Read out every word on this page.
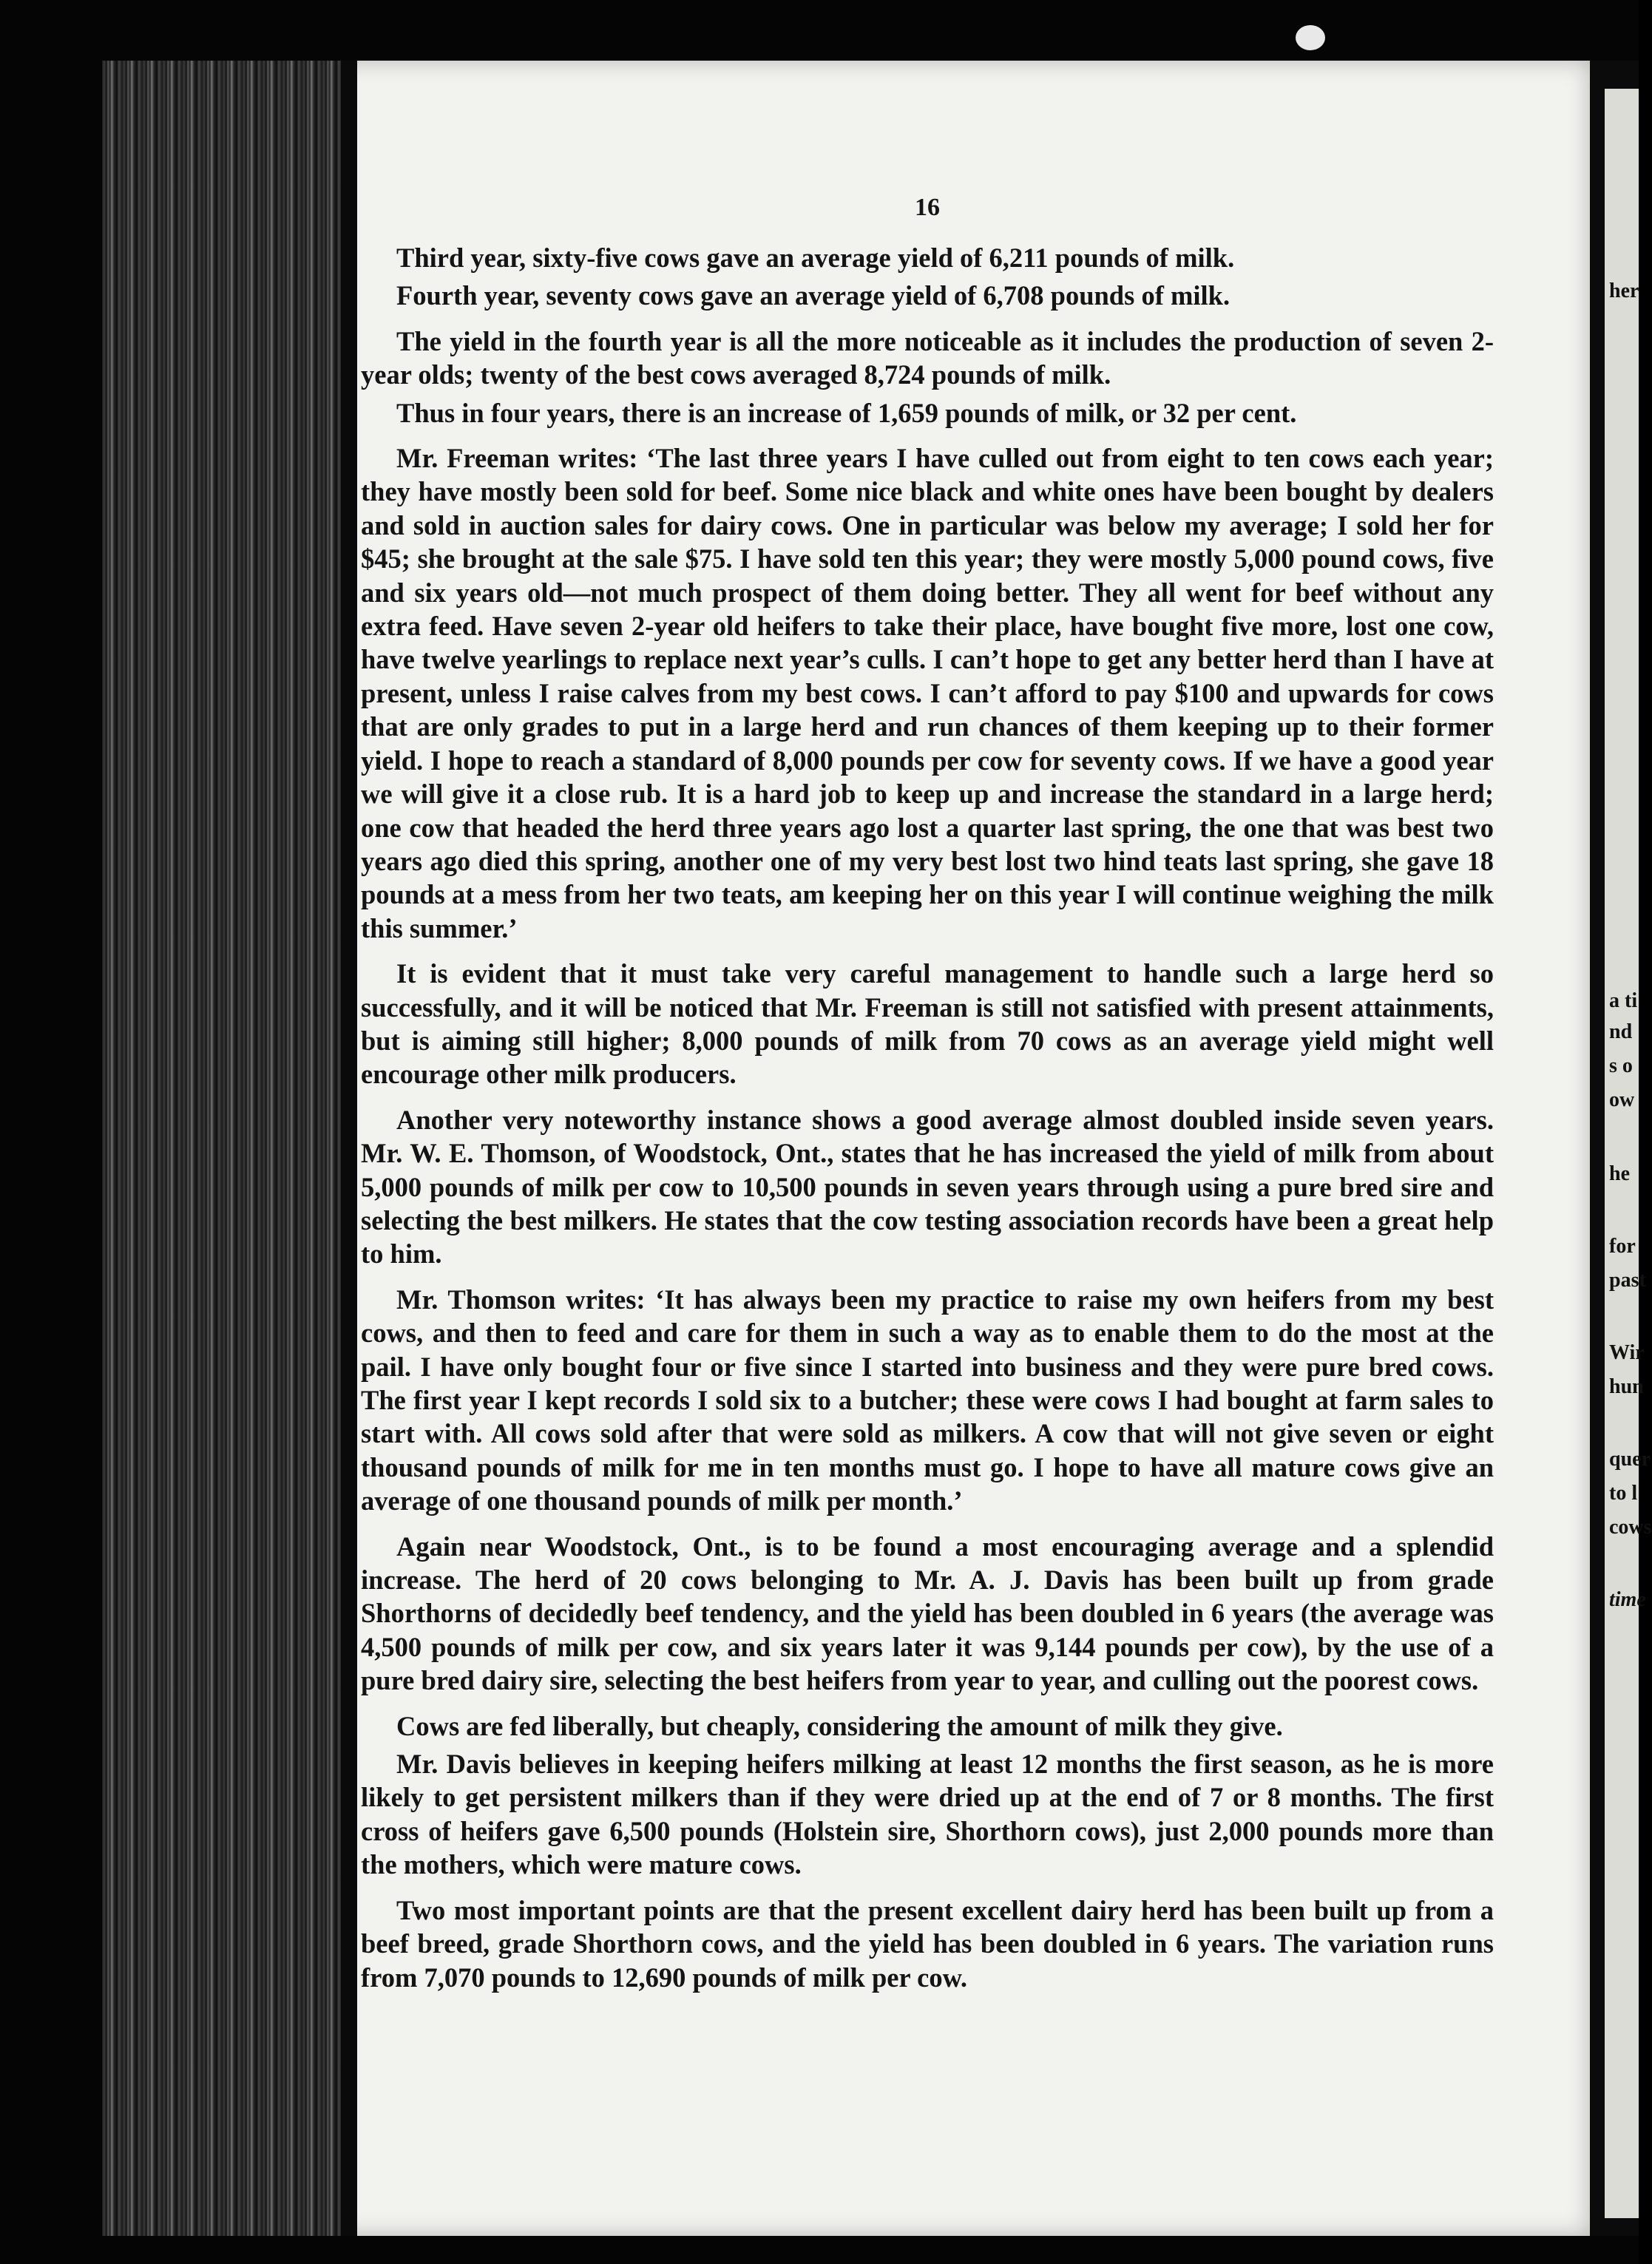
her
a ti
nd
s o
ow
he
for
past
Wir
hun
quer
to l
cows
time
16

Third year, sixty-five cows gave an average yield of 6,211 pounds of milk.

Fourth year, seventy cows gave an average yield of 6,708 pounds of milk.

The yield in the fourth year is all the more noticeable as it includes the production of seven 2-year olds; twenty of the best cows averaged 8,724 pounds of milk.

Thus in four years, there is an increase of 1,659 pounds of milk, or 32 per cent.

Mr. Freeman writes: ‘The last three years I have culled out from eight to ten cows each year; they have mostly been sold for beef. Some nice black and white ones have been bought by dealers and sold in auction sales for dairy cows. One in particular was below my average; I sold her for $45; she brought at the sale $75. I have sold ten this year; they were mostly 5,000 pound cows, five and six years old—not much prospect of them doing better. They all went for beef without any extra feed. Have seven 2-year old heifers to take their place, have bought five more, lost one cow, have twelve yearlings to replace next year’s culls. I can’t hope to get any better herd than I have at present, unless I raise calves from my best cows. I can’t afford to pay $100 and upwards for cows that are only grades to put in a large herd and run chances of them keeping up to their former yield. I hope to reach a standard of 8,000 pounds per cow for seventy cows. If we have a good year we will give it a close rub. It is a hard job to keep up and increase the standard in a large herd; one cow that headed the herd three years ago lost a quarter last spring, the one that was best two years ago died this spring, another one of my very best lost two hind teats last spring, she gave 18 pounds at a mess from her two teats, am keeping her on this year I will continue weighing the milk this summer.’

It is evident that it must take very careful management to handle such a large herd so successfully, and it will be noticed that Mr. Freeman is still not satisfied with present attainments, but is aiming still higher; 8,000 pounds of milk from 70 cows as an average yield might well encourage other milk producers.

Another very noteworthy instance shows a good average almost doubled inside seven years. Mr. W. E. Thomson, of Woodstock, Ont., states that he has increased the yield of milk from about 5,000 pounds of milk per cow to 10,500 pounds in seven years through using a pure bred sire and selecting the best milkers. He states that the cow testing association records have been a great help to him.

Mr. Thomson writes: ‘It has always been my practice to raise my own heifers from my best cows, and then to feed and care for them in such a way as to enable them to do the most at the pail. I have only bought four or five since I started into business and they were pure bred cows. The first year I kept records I sold six to a butcher; these were cows I had bought at farm sales to start with. All cows sold after that were sold as milkers. A cow that will not give seven or eight thousand pounds of milk for me in ten months must go. I hope to have all mature cows give an average of one thousand pounds of milk per month.’

Again near Woodstock, Ont., is to be found a most encouraging average and a splendid increase. The herd of 20 cows belonging to Mr. A. J. Davis has been built up from grade Shorthorns of decidedly beef tendency, and the yield has been doubled in 6 years (the average was 4,500 pounds of milk per cow, and six years later it was 9,144 pounds per cow), by the use of a pure bred dairy sire, selecting the best heifers from year to year, and culling out the poorest cows.

Cows are fed liberally, but cheaply, considering the amount of milk they give.

Mr. Davis believes in keeping heifers milking at least 12 months the first season, as he is more likely to get persistent milkers than if they were dried up at the end of 7 or 8 months. The first cross of heifers gave 6,500 pounds (Holstein sire, Shorthorn cows), just 2,000 pounds more than the mothers, which were mature cows.

Two most important points are that the present excellent dairy herd has been built up from a beef breed, grade Shorthorn cows, and the yield has been doubled in 6 years. The variation runs from 7,070 pounds to 12,690 pounds of milk per cow.
